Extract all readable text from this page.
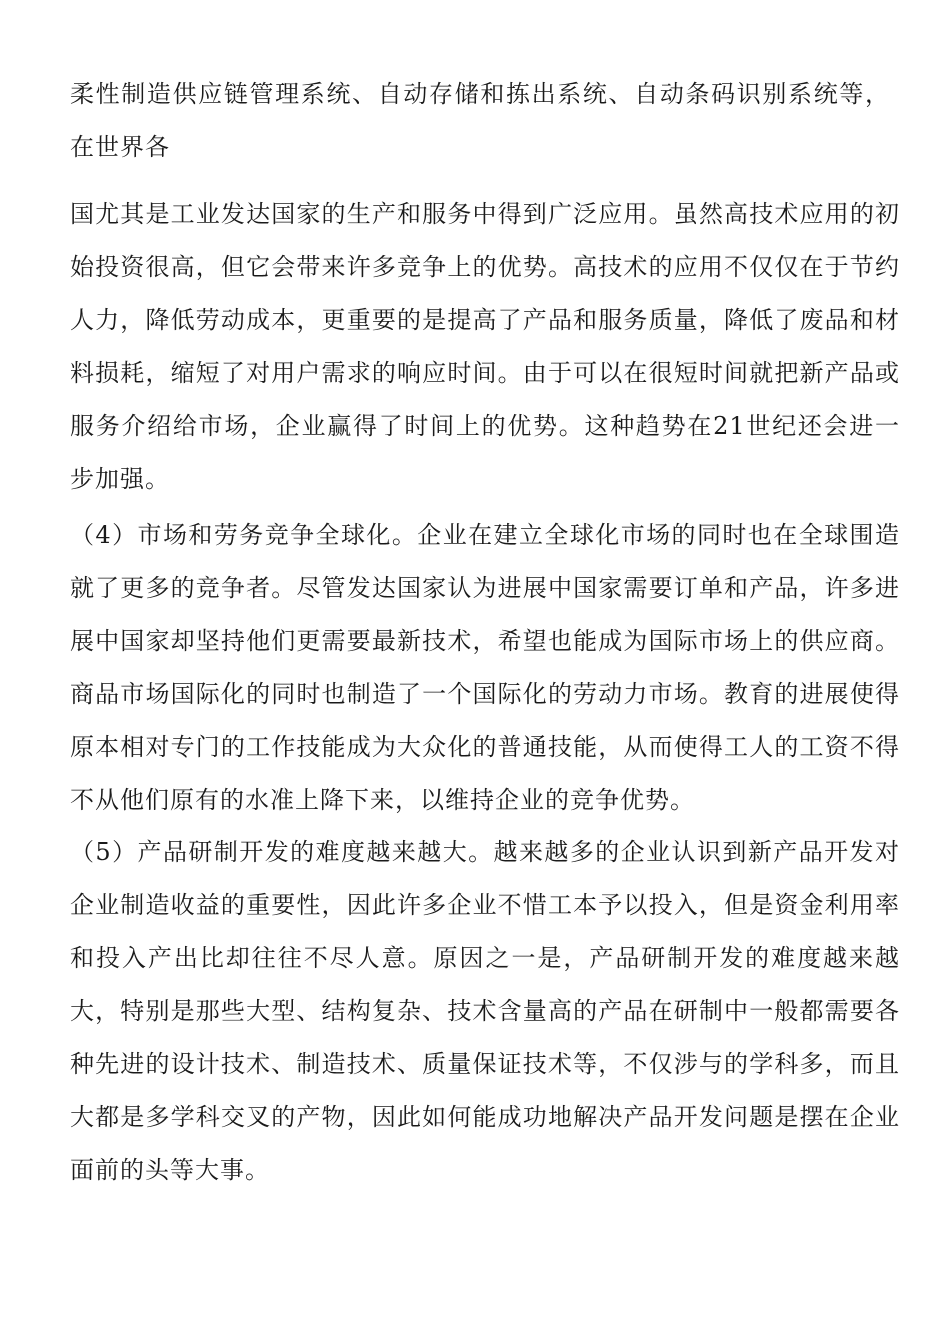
柔性制造供应链管理系统、自动存储和拣出系统、自动条码识别系统等，在世界各

国尤其是工业发达国家的生产和服务中得到广泛应用。虽然高技术应用的初始投资很高，但它会带来许多竞争上的优势。高技术的应用不仅仅在于节约人力，降低劳动成本，更重要的是提高了产品和服务质量，降低了废品和材料损耗，缩短了对用户需求的响应时间。由于可以在很短时间就把新产品或服务介绍给市场，企业赢得了时间上的优势。这种趋势在21世纪还会进一步加强。

（4）市场和劳务竞争全球化。企业在建立全球化市场的同时也在全球围造就了更多的竞争者。尽管发达国家认为进展中国家需要订单和产品，许多进展中国家却坚持他们更需要最新技术，希望也能成为国际市场上的供应商。商品市场国际化的同时也制造了一个国际化的劳动力市场。教育的进展使得原本相对专门的工作技能成为大众化的普通技能，从而使得工人的工资不得不从他们原有的水准上降下来，以维持企业的竞争优势。

（5）产品研制开发的难度越来越大。越来越多的企业认识到新产品开发对企业制造收益的重要性，因此许多企业不惜工本予以投入，但是资金利用率和投入产出比却往往不尽人意。原因之一是，产品研制开发的难度越来越大，特别是那些大型、结构复杂、技术含量高的产品在研制中一般都需要各种先进的设计技术、制造技术、质量保证技术等，不仅涉与的学科多，而且大都是多学科交叉的产物，因此如何能成功地解决产品开发问题是摆在企业面前的头等大事。
